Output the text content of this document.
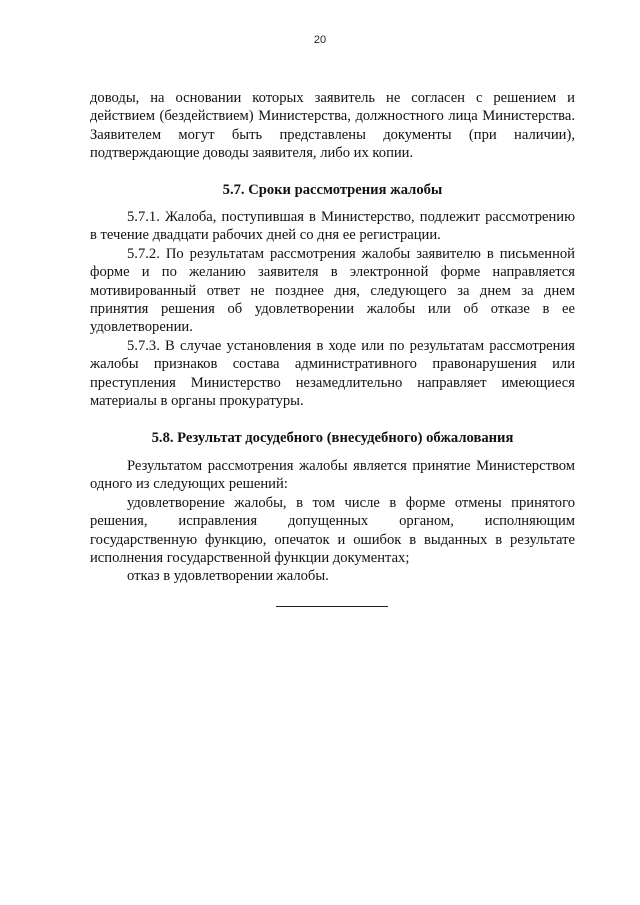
20

доводы, на основании которых заявитель не согласен с решением и действием (бездействием) Министерства, должностного лица Министерства. Заявителем могут быть представлены документы (при наличии), подтверждающие доводы заявителя, либо их копии.

5.7. Сроки рассмотрения жалобы

5.7.1. Жалоба, поступившая в Министерство, подлежит рассмотрению в течение двадцати рабочих дней со дня ее регистрации.

5.7.2. По результатам рассмотрения жалобы заявителю в письменной форме и по желанию заявителя в электронной форме направляется мотивированный ответ не позднее дня, следующего за днем за днем принятия решения об удовлетворении жалобы или об отказе в ее удовлетворении.

5.7.3. В случае установления в ходе или по результатам рассмотрения жалобы признаков состава административного правонарушения или преступления Министерство незамедлительно направляет имеющиеся материалы в органы прокуратуры.

5.8. Результат досудебного (внесудебного) обжалования

Результатом рассмотрения жалобы является принятие Министерством одного из следующих решений:

удовлетворение жалобы, в том числе в форме отмены принятого решения, исправления допущенных органом, исполняющим государственную функцию, опечаток и ошибок в выданных в результате исполнения государственной функции документах;

отказ в удовлетворении жалобы.
